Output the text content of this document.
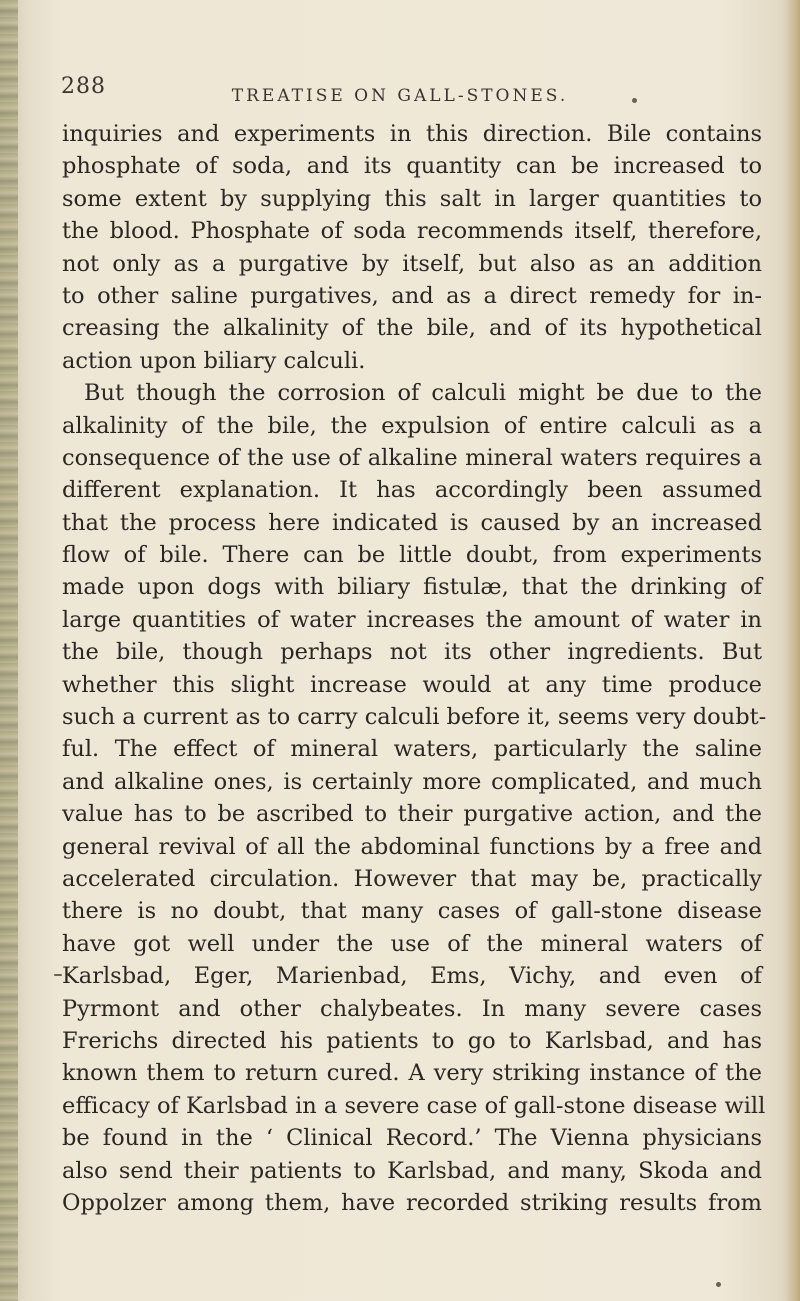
288	TREATISE ON GALL-STONES.
inquiries and experiments in this direction. Bile contains
phosphate of soda, and its quantity can be increased to
some extent by supplying this salt in larger quantities to
the blood. Phosphate of soda recommends itself, therefore,
not only as a purgative by itself, but also as an addition
to other saline purgatives, and as a direct remedy for in-
creasing the alkalinity of the bile, and of its hypothetical
action upon biliary calculi.
But though the corrosion of calculi might be due to the
alkalinity of the bile, the expulsion of entire calculi as a
consequence of the use of alkaline mineral waters requires a
different explanation. It has accordingly been assumed
that the process here indicated is caused by an increased
flow of bile. There can be little doubt, from experiments
made upon dogs with biliary fistulæ, that the drinking of
large quantities of water increases the amount of water in
the bile, though perhaps not its other ingredients. But
whether this slight increase would at any time produce
such a current as to carry calculi before it, seems very doubt-
ful. The effect of mineral waters, particularly the saline
and alkaline ones, is certainly more complicated, and much
value has to be ascribed to their purgative action, and the
general revival of all the abdominal functions by a free and
accelerated circulation. However that may be, practically
there is no doubt, that many cases of gall-stone disease
have got well under the use of the mineral waters of
Karlsbad, Eger, Marienbad, Ems, Vichy, and even of
Pyrmont and other chalybeates. In many severe cases
Frerichs directed his patients to go to Karlsbad, and has
known them to return cured. A very striking instance of the
efficacy of Karlsbad in a severe case of gall-stone disease will
be found in the ‘ Clinical Record.’ The Vienna physicians
also send their patients to Karlsbad, and many, Skoda and
Oppolzer among them, have recorded striking results from
